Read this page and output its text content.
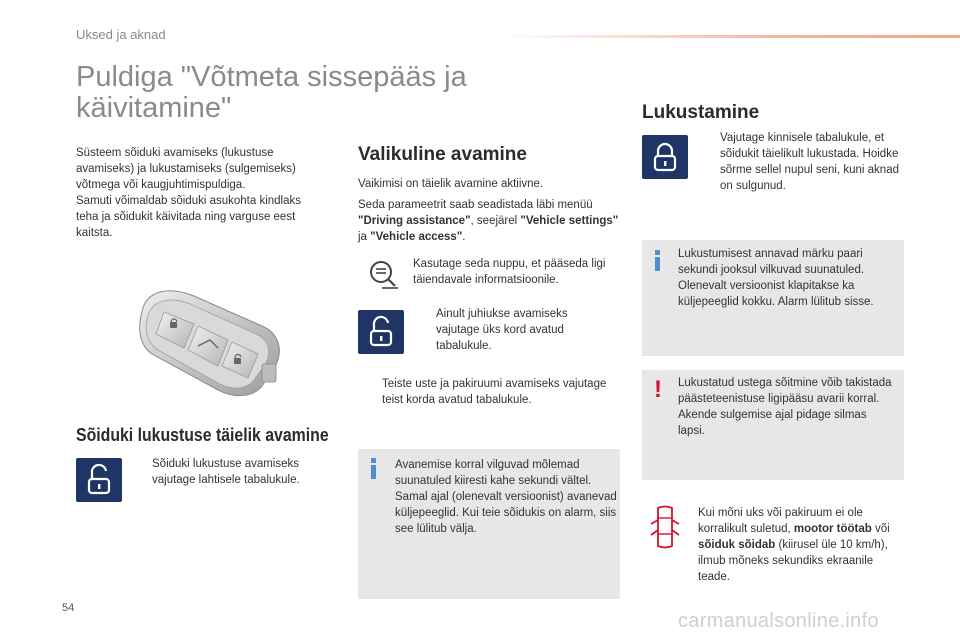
Uksed ja aknad
Puldiga "Võtmeta sissepääs ja käivitamine"

Süsteem sõiduki avamiseks (lukustuse avamiseks) ja lukustamiseks (sulgemiseks) võtmega või kaugjuhtimispuldiga.

Samuti võimaldab sõiduki asukohta kindlaks teha ja sõidukit käivitada ning varguse eest kaitsta.

Sõiduki lukustuse täielik avamine
Sõiduki lukustuse avamiseks vajutage lahtisele tabalukule.
Valikuline avamine

Vaikimisi on täielik avamine aktiivne.

Seda parameetrit saab seadistada läbi menüü "Driving assistance", seejärel "Vehicle settings" ja "Vehicle access".

Kasutage seda nuppu, et pääseda ligi täiendavale informatsioonile.
Ainult juhiukse avamiseks vajutage üks kord avatud tabalukule.
Teiste uste ja pakiruumi avamiseks vajutage teist korda avatud tabalukule.
Avanemise korral vilguvad mõlemad suunatuled kiiresti kahe sekundi vältel. Samal ajal (olenevalt versioonist) avanevad küljepeeglid. Kui teie sõidukis on alarm, siis see lülitub välja.
Lukustamine
Vajutage kinnisele tabalukule, et sõidukit täielikult lukustada. Hoidke sõrme sellel nupul seni, kuni aknad on sulgunud.
Lukustumisest annavad märku paari sekundi jooksul vilkuvad suunatuled. Olenevalt versioonist klapitakse ka küljepeeglid kokku. Alarm lülitub sisse.
! Lukustatud ustega sõitmine võib takistada päästeteenistuse ligipääsu avarii korral. Akende sulgemise ajal pidage silmas lapsi.
Kui mõni uks või pakiruum ei ole korralikult suletud, mootor töötab või sõiduk sõidab (kiirusel üle 10 km/h), ilmub mõneks sekundiks ekraanile teade.
54
carmanualsonline.info
